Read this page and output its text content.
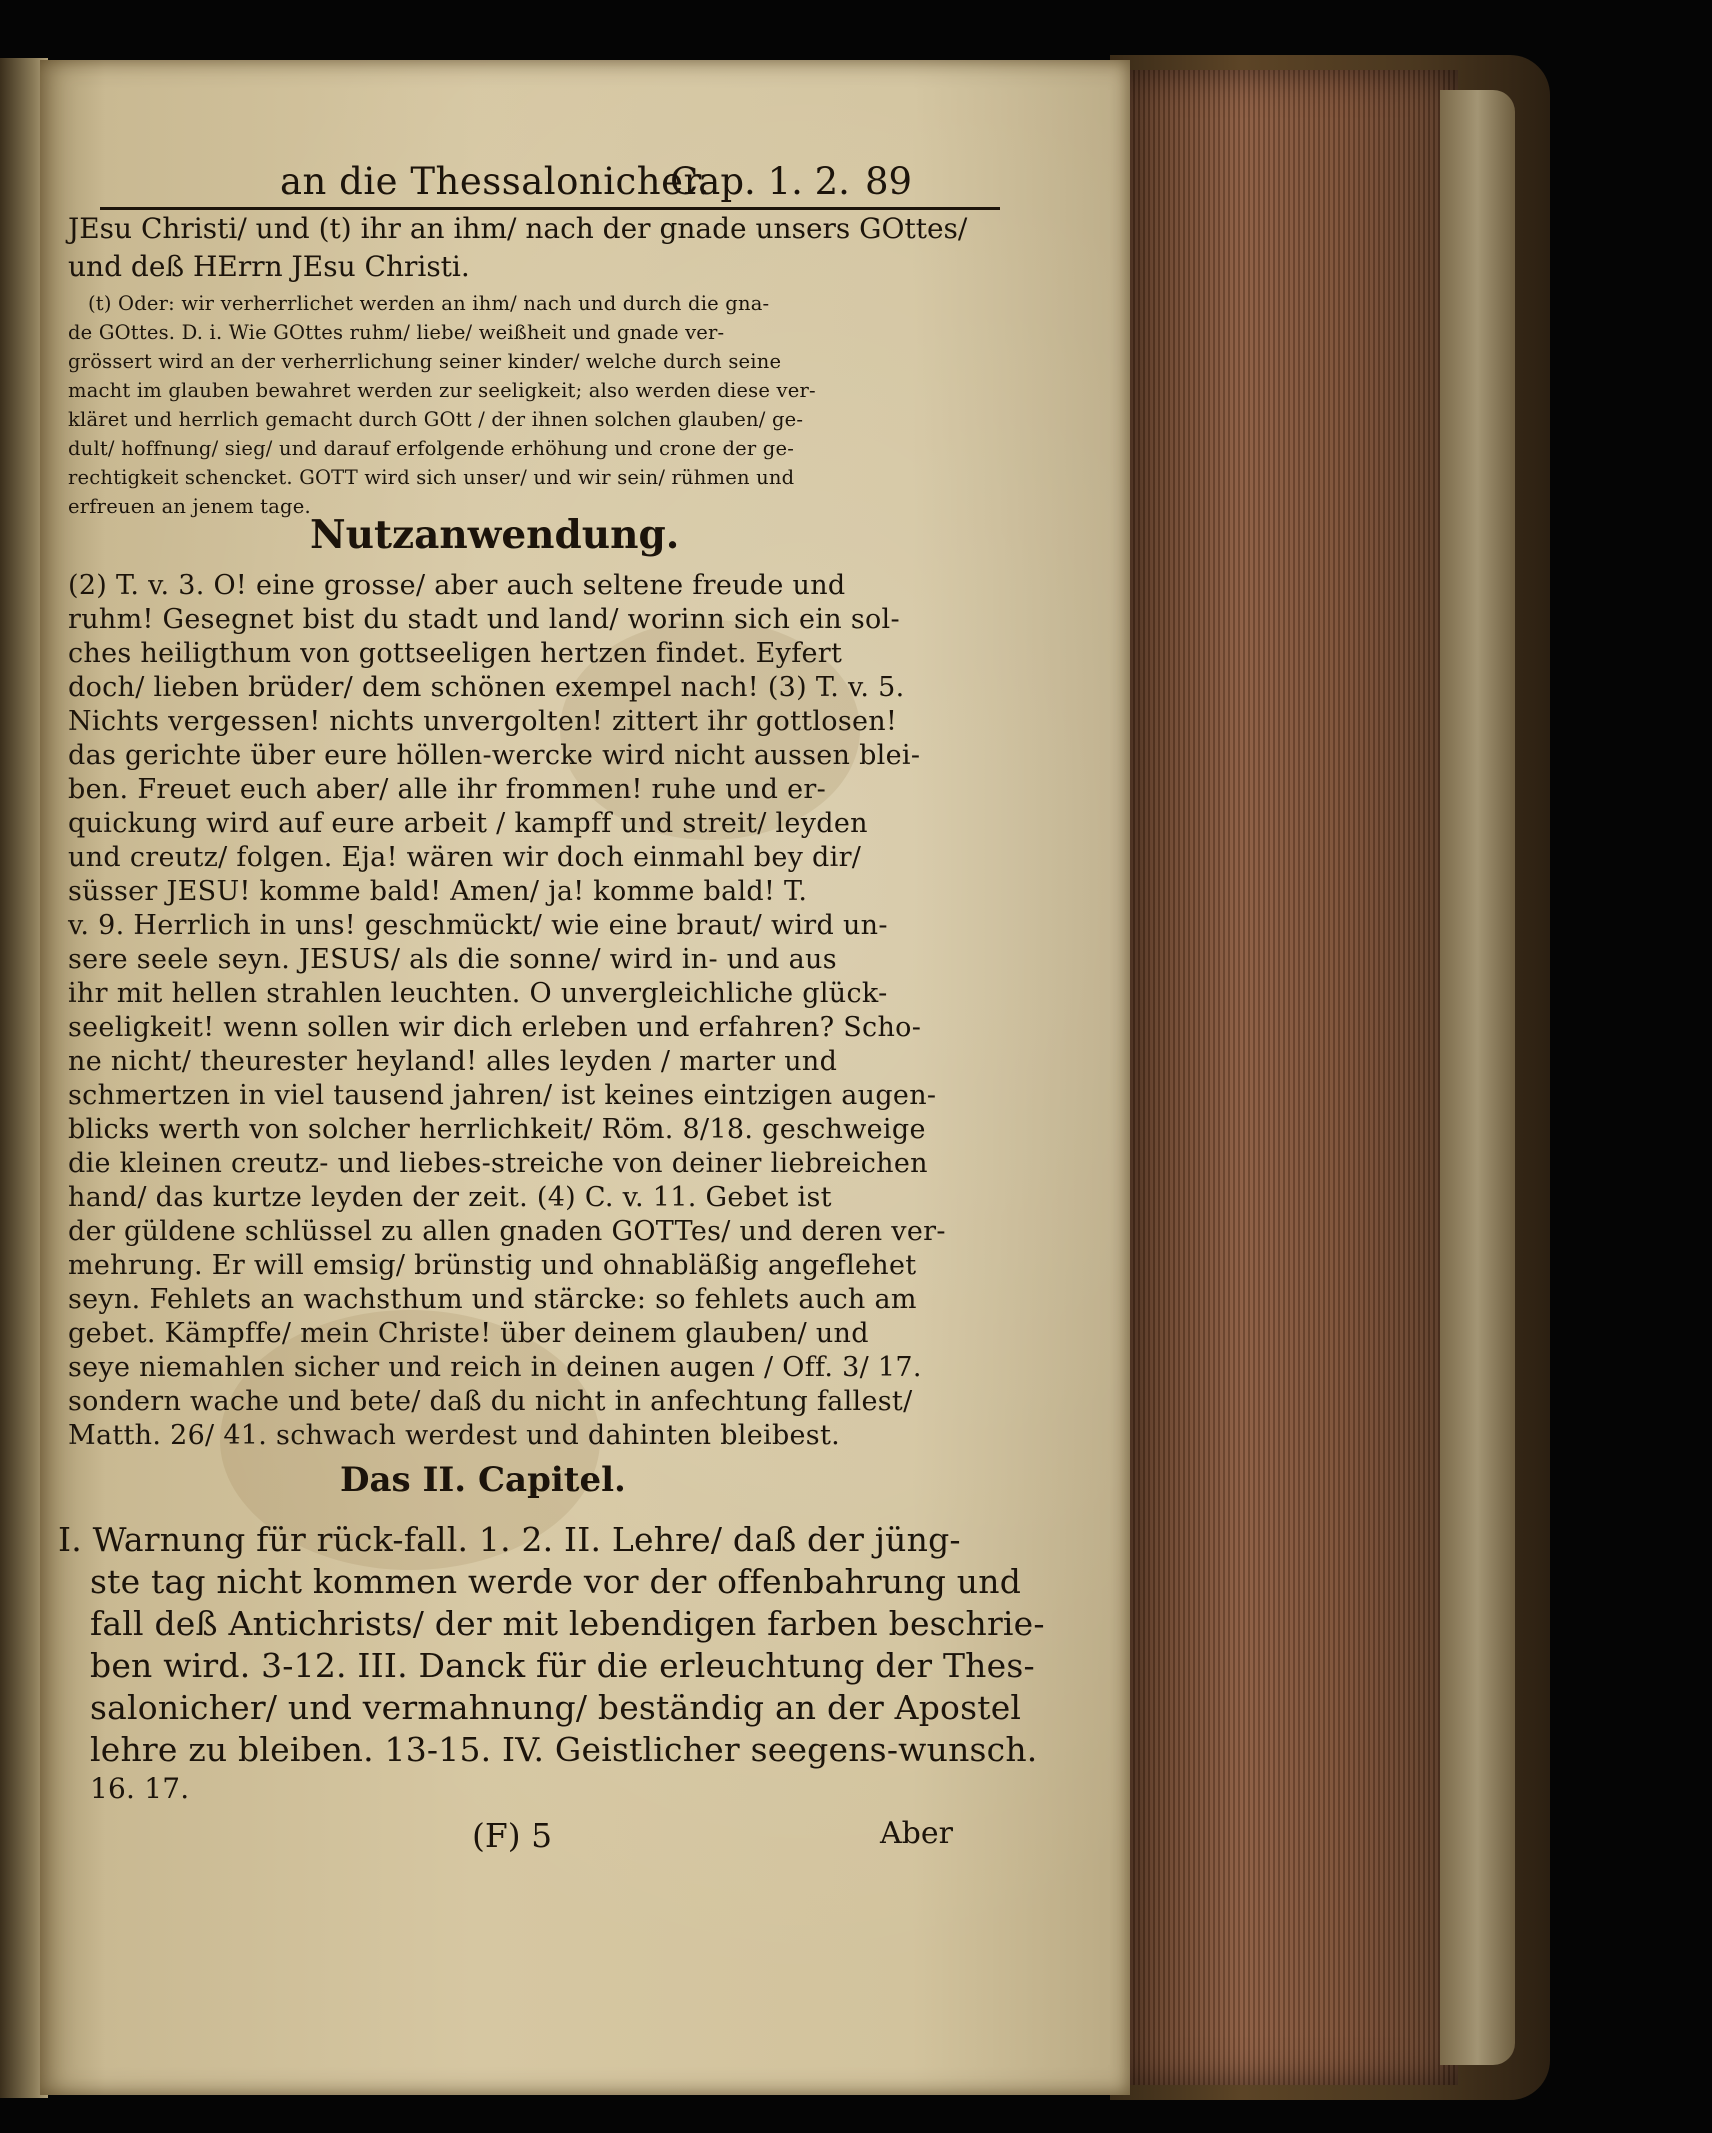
an die Thessalonicher.
Cap. 1. 2. 89
JEsu Christi/ und (t) ihr an ihm/ nach der gnade unsers GOttes/
und deß HErrn JEsu Christi.
(t) Oder: wir verherrlichet werden an ihm/ nach und durch die gna-
de GOttes. D. i. Wie GOttes ruhm/ liebe/ weißheit und gnade ver-
grössert wird an der verherrlichung seiner kinder/ welche durch seine
macht im glauben bewahret werden zur seeligkeit; also werden diese ver-
kläret und herrlich gemacht durch GOtt / der ihnen solchen glauben/ ge-
dult/ hoffnung/ sieg/ und darauf erfolgende erhöhung und crone der ge-
rechtigkeit schencket. GOTT wird sich unser/ und wir sein/ rühmen und
erfreuen an jenem tage.
Nutzanwendung.
(2) T. v. 3. O! eine grosse/ aber auch seltene freude und
ruhm! Gesegnet bist du stadt und land/ worinn sich ein sol-
ches heiligthum von gottseeligen hertzen findet. Eyfert
doch/ lieben brüder/ dem schönen exempel nach! (3) T. v. 5.
Nichts vergessen! nichts unvergolten! zittert ihr gottlosen!
das gerichte über eure höllen-wercke wird nicht aussen blei-
ben. Freuet euch aber/ alle ihr frommen! ruhe und er-
quickung wird auf eure arbeit / kampff und streit/ leyden
und creutz/ folgen. Eja! wären wir doch einmahl bey dir/
süsser JESU! komme bald! Amen/ ja! komme bald! T.
v. 9. Herrlich in uns! geschmückt/ wie eine braut/ wird un-
sere seele seyn. JESUS/ als die sonne/ wird in- und aus
ihr mit hellen strahlen leuchten. O unvergleichliche glück-
seeligkeit! wenn sollen wir dich erleben und erfahren? Scho-
ne nicht/ theurester heyland! alles leyden / marter und
schmertzen in viel tausend jahren/ ist keines eintzigen augen-
blicks werth von solcher herrlichkeit/ Röm. 8/18. geschweige
die kleinen creutz- und liebes-streiche von deiner liebreichen
hand/ das kurtze leyden der zeit. (4) C. v. 11. Gebet ist
der güldene schlüssel zu allen gnaden GOTTes/ und deren ver-
mehrung. Er will emsig/ brünstig und ohnabläßig angeflehet
seyn. Fehlets an wachsthum und stärcke: so fehlets auch am
gebet. Kämpffe/ mein Christe! über deinem glauben/ und
seye niemahlen sicher und reich in deinen augen / Off. 3/ 17.
sondern wache und bete/ daß du nicht in anfechtung fallest/
Matth. 26/ 41. schwach werdest und dahinten bleibest.
Das II. Capitel.
I. Warnung für rück-fall. 1. 2. II. Lehre/ daß der jüng-
ste tag nicht kommen werde vor der offenbahrung und
fall deß Antichrists/ der mit lebendigen farben beschrie-
ben wird. 3-12. III. Danck für die erleuchtung der Thes-
salonicher/ und vermahnung/ beständig an der Apostel
lehre zu bleiben. 13-15. IV. Geistlicher seegens-wunsch.
16. 17.
(F) 5	Aber
